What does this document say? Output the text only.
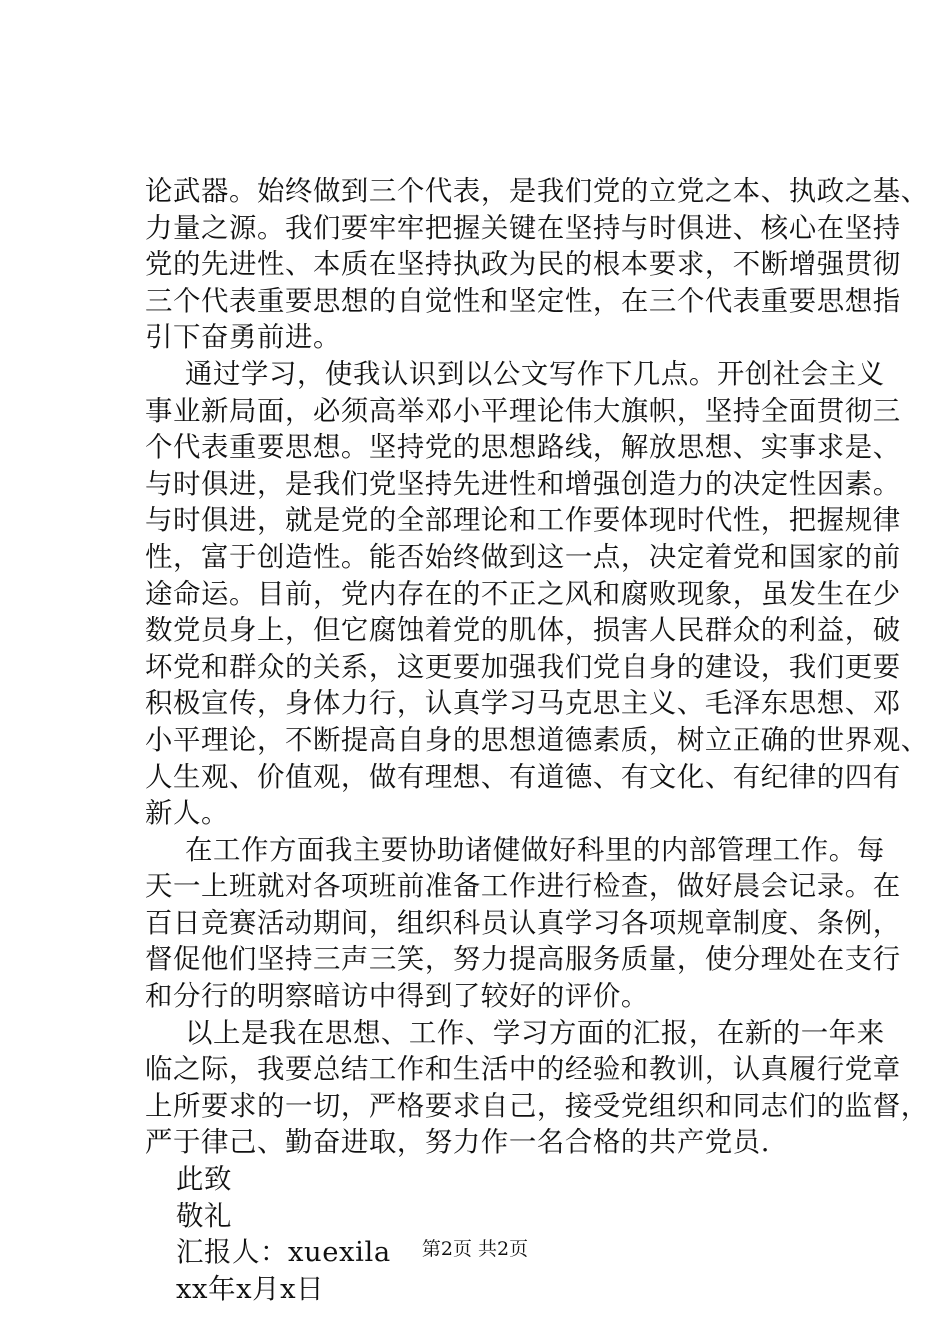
论武器。始终做到三个代表，是我们党的立党之本、执政之基、
力量之源。我们要牢牢把握关键在坚持与时俱进、核心在坚持
党的先进性、本质在坚持执政为民的根本要求，不断增强贯彻
三个代表重要思想的自觉性和坚定性，在三个代表重要思想指
引下奋勇前进。
通过学习，使我认识到以公文写作下几点。开创社会主义
事业新局面，必须高举邓小平理论伟大旗帜，坚持全面贯彻三
个代表重要思想。坚持党的思想路线，解放思想、实事求是、
与时俱进，是我们党坚持先进性和增强创造力的决定性因素。
与时俱进，就是党的全部理论和工作要体现时代性，把握规律
性，富于创造性。能否始终做到这一点，决定着党和国家的前
途命运。目前，党内存在的不正之风和腐败现象，虽发生在少
数党员身上，但它腐蚀着党的肌体，损害人民群众的利益，破
坏党和群众的关系，这更要加强我们党自身的建设，我们更要
积极宣传，身体力行，认真学习马克思主义、毛泽东思想、邓
小平理论，不断提高自身的思想道德素质，树立正确的世界观、
人生观、价值观，做有理想、有道德、有文化、有纪律的四有
新人。
在工作方面我主要协助诸健做好科里的内部管理工作。每
天一上班就对各项班前准备工作进行检查，做好晨会记录。在
百日竞赛活动期间，组织科员认真学习各项规章制度、条例，
督促他们坚持三声三笑，努力提高服务质量，使分理处在支行
和分行的明察暗访中得到了较好的评价。
以上是我在思想、工作、学习方面的汇报，在新的一年来
临之际，我要总结工作和生活中的经验和教训，认真履行党章
上所要求的一切，严格要求自己，接受党组织和同志们的监督，
严于律己、勤奋进取，努力作一名合格的共产党员.
此致
敬礼
汇报人：xuexila
xx年x月x日
第2页 共2页
